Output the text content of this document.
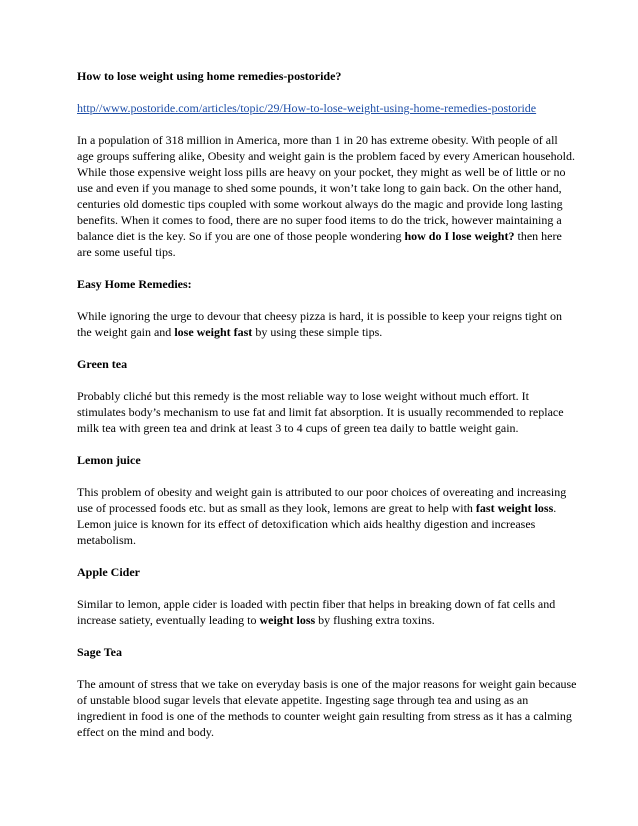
How to lose weight using home remedies-postoride?

http//www.postoride.com/articles/topic/29/How-to-lose-weight-using-home-remedies-postoride

In a population of 318 million in America, more than 1 in 20 has extreme obesity. With people of all age groups suffering alike, Obesity and weight gain is the problem faced by every American household. While those expensive weight loss pills are heavy on your pocket, they might as well be of little or no use and even if you manage to shed some pounds, it won’t take long to gain back. On the other hand, centuries old domestic tips coupled with some workout always do the magic and provide long lasting benefits. When it comes to food, there are no super food items to do the trick, however maintaining a balance diet is the key. So if you are one of those people wondering how do I lose weight? then here are some useful tips.

Easy Home Remedies:

While ignoring the urge to devour that cheesy pizza is hard, it is possible to keep your reigns tight on the weight gain and lose weight fast by using these simple tips.

Green tea

Probably cliché but this remedy is the most reliable way to lose weight without much effort. It stimulates body’s mechanism to use fat and limit fat absorption. It is usually recommended to replace milk tea with green tea and drink at least 3 to 4 cups of green tea daily to battle weight gain.

Lemon juice

This problem of obesity and weight gain is attributed to our poor choices of overeating and increasing use of processed foods etc. but as small as they look, lemons are great to help with fast weight loss. Lemon juice is known for its effect of detoxification which aids healthy digestion and increases metabolism.

Apple Cider

Similar to lemon, apple cider is loaded with pectin fiber that helps in breaking down of fat cells and increase satiety, eventually leading to weight loss by flushing extra toxins.

Sage Tea

The amount of stress that we take on everyday basis is one of the major reasons for weight gain because of unstable blood sugar levels that elevate appetite. Ingesting sage through tea and using as an ingredient in food is one of the methods to counter weight gain resulting from stress as it has a calming effect on the mind and body.
